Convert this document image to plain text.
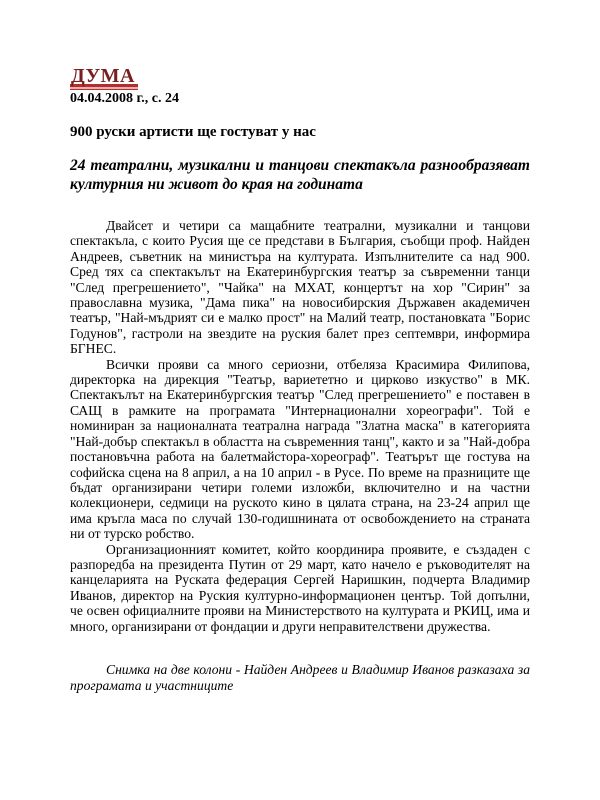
ДУМА
04.04.2008 г., с. 24
900 руски артисти ще гостуват у нас
24 театрални, музикални и танцови спектакъла разнообразяват културния ни живот до края на годината

Двайсет и четири са мащабните театрални, музикални и танцови спектакъла, с които Русия ще се представи в България, съобщи проф. Найден Андреев, съветник на министъра на културата. Изпълнителите са над 900. Сред тях са спектакълът на Екатеринбургския театър за съвременни танци "След прегрешението", "Чайка" на МХАТ, концертът на хор "Сирин" за православна музика, "Дама пика" на новосибирския Държавен академичен театър, "Най-мъдрият си е малко прост" на Малий театр, постановката "Борис Годунов", гастроли на звездите на руския балет през септември, информира БГНЕС.

Всички прояви са много сериозни, отбеляза Красимира Филипова, директорка на дирекция "Театър, вариететно и цирково изкуство" в МК. Спектакълът на Екатеринбургския театър "След прегрешението" е поставен в САЩ в рамките на програмата "Интернационални хореографи". Той е номиниран за националната театрална награда "Златна маска" в категорията "Най-добър спектакъл в областта на съвременния танц", както и за "Най-добра постановъчна работа на балетмайстора-хореограф". Театърът ще гостува на софийска сцена на 8 април, а на 10 април - в Русе. По време на празниците ще бъдат организирани четири големи изложби, включително и на частни колекционери, седмици на руското кино в цялата страна, на 23-24 април ще има кръгла маса по случай 130-годишнината от освобождението на страната ни от турско робство.

Организационният комитет, който координира проявите, е създаден с разпоредба на президента Путин от 29 март, като начело е ръководителят на канцеларията на Руската федерация Сергей Наришкин, подчерта Владимир Иванов, директор на Руския културно-информационен център. Той допълни, че освен официалните прояви на Министерството на културата и РКИЦ, има и много, организирани от фондации и други неправителствени дружества.

Снимка на две колони - Найден Андреев и Владимир Иванов разказаха за програмата и участниците
